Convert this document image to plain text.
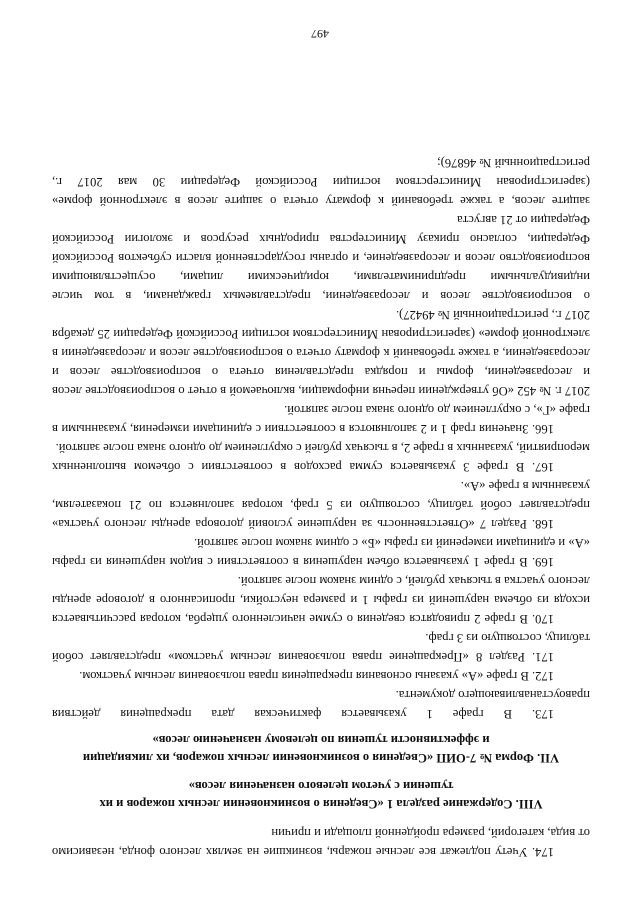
174. Учету подлежат все лесные пожары, возникшие на землях лесного фонда, независимо от вида, категорий, размера пройденной площади и причин

VIII. Содержание раздела 1 «Сведения о возникновении лесных пожаров и их тушении с учетом целевого назначения лесов»

VII. Форма № 7-ОИП «Сведения о возникновении лесных пожаров, их ликвидации и эффективности тушения по целевому назначению лесов»

173. В графе 1 указывается фактическая дата прекращения действия правоустанавливающего документа.

172. В графе «А» указаны основания прекращения права пользования лесным участком.

171. Раздел 8 «Прекращение права пользования лесным участком» представляет собой таблицу, состоящую из 3 граф.

170. В графе 2 приводятся сведения о сумме начисленного ущерба, которая рассчитывается исходя из объема нарушений из графы 1 и размера неустойки, прописанного в договоре аренды лесного участка в тысячах рублей, с одним знаком после запятой.

169. В графе 1 указывается объем нарушения в соответствии с видом нарушения из графы «А» и единицами измерений из графы «Б» с одним знаком после запятой.

168. Раздел 7 «Ответственность за нарушение условий договора аренды лесного участка» представляет собой таблицу, состоящую из 5 граф, которая заполняется по 21 показателям, указанным в графе «А».

167. В графе 3 указывается сумма расходов в соответствии с объемом выполненных мероприятий, указанных в графе 2, в тысячах рублей с округлением до одного знака после запятой.

166. Значения граф 1 и 2 заполняются в соответствии с единицами измерения, указанными в графе «Г», с округлением до одного знака после запятой.

2017 г. № 452 «Об утверждении перечня информации, включаемой в отчет о воспроизводстве лесов и лесоразведении, формы и порядка представления отчета о воспроизводстве лесов и лесоразведении, а также требований к формату отчета о воспроизводстве лесов и лесоразведении в электронной форме» (зарегистрирован Министерством юстиции Российской Федерации 25 декабря 2017 г., регистрационный № 49427).

о воспроизводстве лесов и лесоразведении, представляемых гражданами, в том числе индивидуальными предпринимателями, юридическими лицами, осуществляющими воспроизводство лесов и лесоразведение, и органы государственной власти субъектов Российской Федерации, согласно приказу Министерства природных ресурсов и экологии Российской Федерации от 21 августа

защите лесов, а также требований к формату отчета о защите лесов в электронной форме» (зарегистрирован Министерством юстиции Российской Федерации 30 мая 2017 г., регистрационный № 46876);

497
